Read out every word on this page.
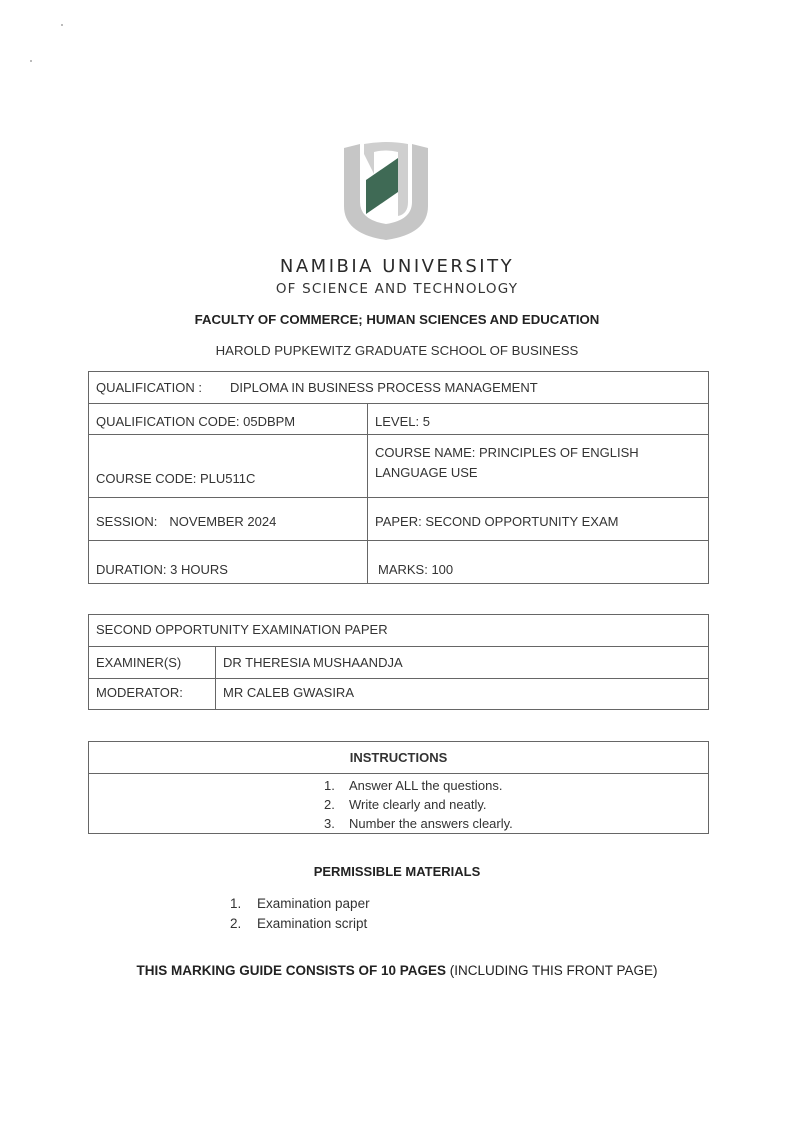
NAMIBIA UNIVERSITY
OF SCIENCE AND TECHNOLOGY
FACULTY OF COMMERCE; HUMAN SCIENCES AND EDUCATION
HAROLD PUPKEWITZ GRADUATE SCHOOL OF BUSINESS
QUALIFICATION : DIPLOMA IN BUSINESS PROCESS MANAGEMENT	
QUALIFICATION CODE: 05DBPM	LEVEL: 5
COURSE CODE: PLU511C	COURSE NAME: PRINCIPLES OF ENGLISH LANGUAGE USE
SESSION: NOVEMBER 2024	PAPER: SECOND OPPORTUNITY EXAM
DURATION: 3 HOURS	MARKS: 100
SECOND OPPORTUNITY EXAMINATION PAPER	
EXAMINER(S)	DR THERESIA MUSHAANDJA
MODERATOR:	MR CALEB GWASIRA
INSTRUCTIONS

1. Answer ALL the questions.
2. Write clearly and neatly.
3. Number the answers clearly.
PERMISSIBLE MATERIALS
1. Examination paper
2. Examination script
THIS MARKING GUIDE CONSISTS OF 10 PAGES (INCLUDING THIS FRONT PAGE)
